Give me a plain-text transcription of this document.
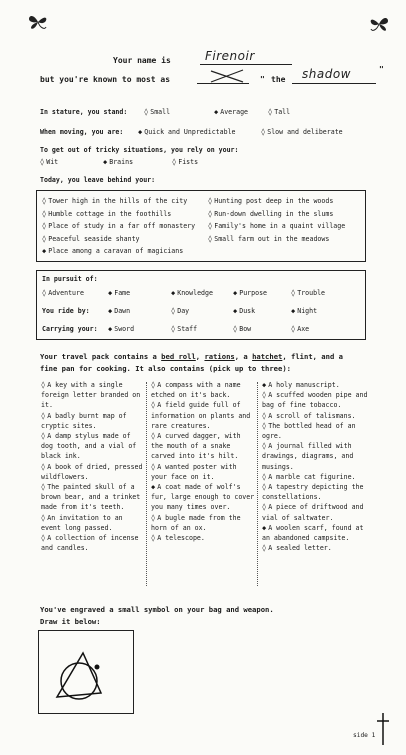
Your name is	Firenoir
but you're known to most as	" the shadow	"
In stature, you stand:	◊ Small	◆ Average	◊ Tall
When moving, you are:	◆ Quick and Unpredictable	◊ Slow and deliberate
To get out of tricky situations, you rely on your:
◊ Wit	◆ Brains	◊ Fists
Today, you leave behind your:
◊ Tower high in the hills of the city
◊ Humble cottage in the foothills
◊ Place of study in a far off monastery
◊ Peaceful seaside shanty
◆ Place among a caravan of magicians
◊ Hunting post deep in the woods
◊ Run-down dwelling in the slums
◊ Family's home in a quaint village
◊ Small farm out in the meadows
In pursuit of:
◊ Adventure	◆ Fame	◆ Knowledge	◆ Purpose	◊ Trouble
You ride by:	◆ Dawn	◊ Day	◆ Dusk	◆ Night
Carrying your:	◆ Sword	◊ Staff	◊ Bow	◊ Axe
Your travel pack contains a bed roll, rations, a hatchet, flint, and a
fine pan for cooking. It also contains (pick up to three):
◊ A key with a single foreign letter branded on it.
◊ A badly burnt map of cryptic sites.
◊ A damp stylus made of dog tooth, and a vial of black ink.
◊ A book of dried, pressed wildflowers.
◊ The painted skull of a brown bear, and a trinket made from it's teeth.
◊ An invitation to an event long passed.
◊ A collection of incense and candles.
◊ A compass with a name etched on it's back.
◊ A field guide full of information on plants and rare creatures.
◊ A curved dagger, with the mouth of a snake carved into it's hilt.
◊ A wanted poster with your face on it.
◆ A coat made of wolf's fur, large enough to cover you many times over.
◊ A bugle made from the horn of an ox.
◊ A telescope.
◆ A holy manuscript.
◊ A scuffed wooden pipe and bag of fine tobacco.
◊ A scroll of talismans.
◊ The bottled head of an ogre.
◊ A journal filled with drawings, diagrams, and musings.
◊ A marble cat figurine.
◊ A tapestry depicting the constellations.
◊ A piece of driftwood and vial of saltwater.
◆ A woolen scarf, found at an abandoned campsite.
◊ A sealed letter.
You've engraved a small symbol on your bag and weapon.
Draw it below:
side 1
